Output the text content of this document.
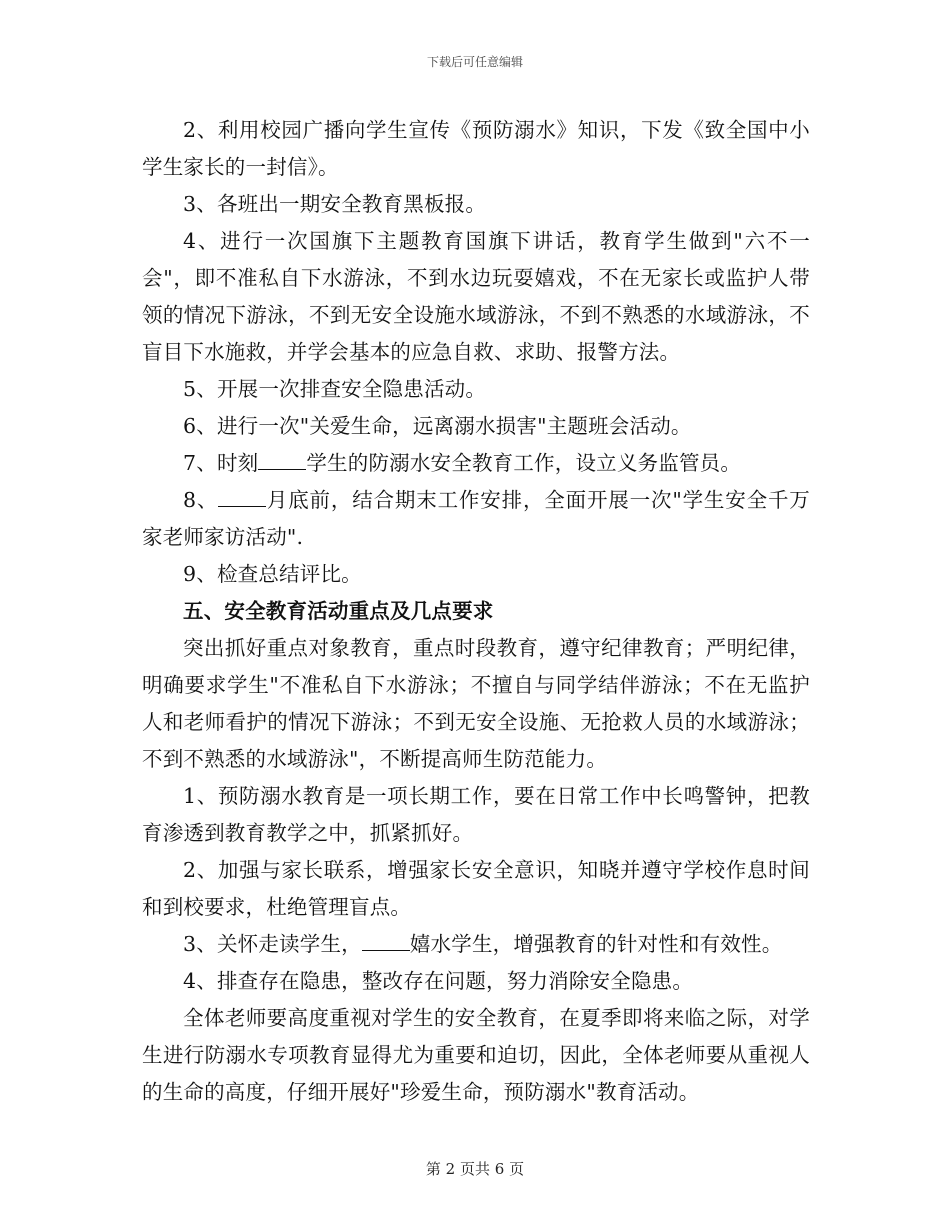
下载后可任意编辑

2、利用校园广播向学生宣传《预防溺水》知识，下发《致全国中小学生家长的一封信》。

3、各班出一期安全教育黑板报。

4、进行一次国旗下主题教育国旗下讲话，教育学生做到"六不一会"，即不准私自下水游泳，不到水边玩耍嬉戏，不在无家长或监护人带领的情况下游泳，不到无安全设施水域游泳，不到不熟悉的水域游泳，不盲目下水施救，并学会基本的应急自救、求助、报警方法。

5、开展一次排查安全隐患活动。

6、进行一次"关爱生命，远离溺水损害"主题班会活动。

7、时刻 学生的防溺水安全教育工作，设立义务监管员。

8、 月底前，结合期末工作安排，全面开展一次"学生安全千万家老师家访活动".

9、检查总结评比。

五、安全教育活动重点及几点要求

突出抓好重点对象教育，重点时段教育，遵守纪律教育；严明纪律，明确要求学生"不准私自下水游泳；不擅自与同学结伴游泳；不在无监护人和老师看护的情况下游泳；不到无安全设施、无抢救人员的水域游泳；不到不熟悉的水域游泳"，不断提高师生防范能力。

1、预防溺水教育是一项长期工作，要在日常工作中长鸣警钟，把教育渗透到教育教学之中，抓紧抓好。

2、加强与家长联系，增强家长安全意识，知晓并遵守学校作息时间和到校要求，杜绝管理盲点。

3、关怀走读学生， 嬉水学生，增强教育的针对性和有效性。

4、排查存在隐患，整改存在问题，努力消除安全隐患。

全体老师要高度重视对学生的安全教育，在夏季即将来临之际，对学生进行防溺水专项教育显得尤为重要和迫切，因此，全体老师要从重视人的生命的高度，仔细开展好"珍爱生命，预防溺水"教育活动。

第 2 页共 6 页
